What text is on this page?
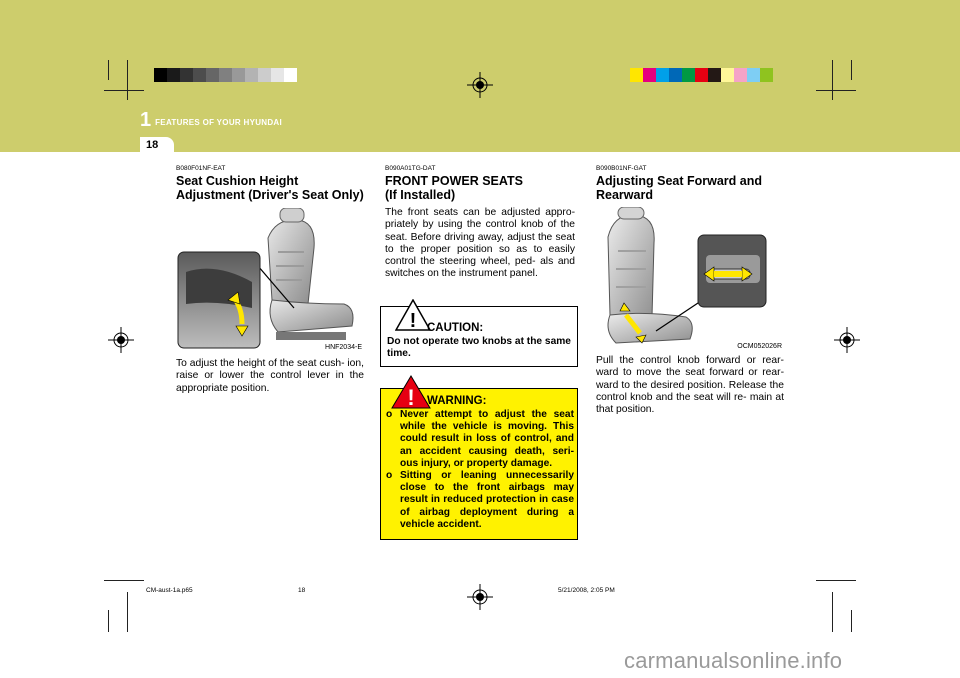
1 FEATURES OF YOUR HYUNDAI
18
B080F01NF-EAT
Seat Cushion Height Adjustment (Driver's Seat Only)
HNF2034-E
To adjust the height of the seat cush- ion, raise or lower the control lever in the appropriate position.
B090A01TG-DAT
FRONT POWER SEATS
(If Installed)
The front seats can be adjusted appro- priately by using the control knob of the seat. Before driving away, adjust the seat to the proper position so as to easily control the steering wheel, ped- als and switches on the instrument panel.
! CAUTION:
Do not operate two knobs at the same time.
! WARNING:
o Never attempt to adjust the seat while the vehicle is moving. This could result in loss of control, and an accident causing death, seri- ous injury, or property damage.
o Sitting or leaning unnecessarily close to the front airbags may result in reduced protection in case of airbag deployment during a vehicle accident.
B090B01NF-GAT
Adjusting Seat Forward and Rearward
OCM052026R
Pull the control knob forward or rear- ward to move the seat forward or rear- ward to the desired position. Release the control knob and the seat will re- main at that position.
CM-aust-1a.p65	18	5/21/2008, 2:05 PM
carmanualsonline.info
